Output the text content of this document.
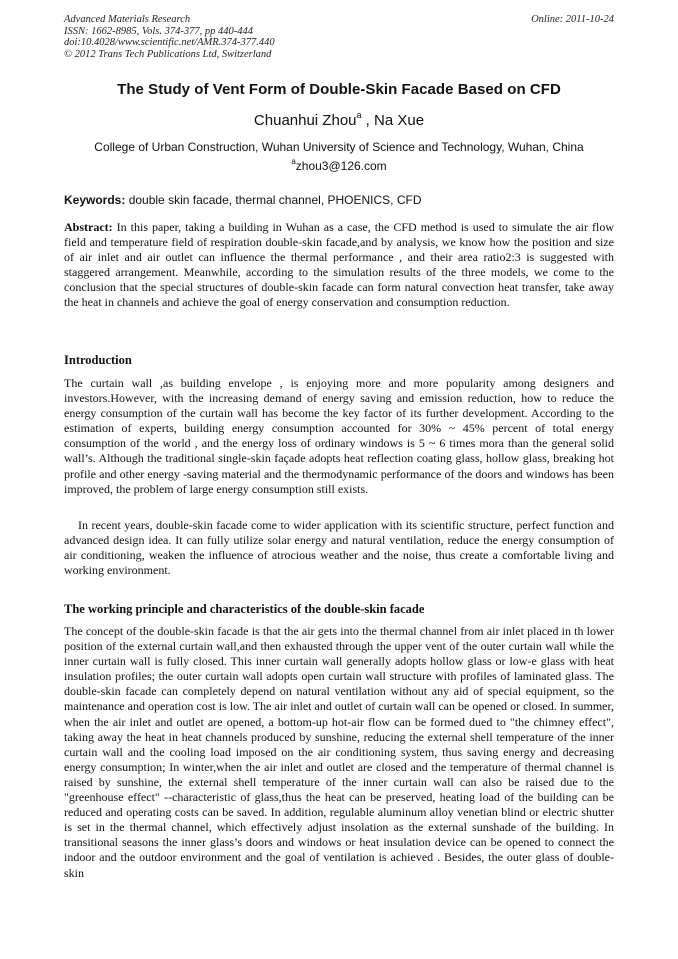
Advanced Materials Research
ISSN: 1662-8985, Vols. 374-377, pp 440-444
doi:10.4028/www.scientific.net/AMR.374-377.440
© 2012 Trans Tech Publications Ltd, Switzerland
Online: 2011-10-24
The Study of Vent Form of Double-Skin Facade Based on CFD
Chuanhui Zhou$^a$ , Na Xue
College of Urban Construction, Wuhan University of Science and Technology, Wuhan, China
$^a$zhou3@126.com
Keywords: double skin facade, thermal channel, PHOENICS, CFD
Abstract: In this paper, taking a building in Wuhan as a case, the CFD method is used to simulate the air flow field and temperature field of respiration double-skin facade,and by analysis, we know how the position and size of air inlet and air outlet can influence the thermal performance , and their area ratio2:3 is suggested with staggered arrangement. Meanwhile, according to the simulation results of the three models, we come to the conclusion that the special structures of double-skin facade can form natural convection heat transfer, take away the heat in channels and achieve the goal of energy conservation and consumption reduction.
Introduction
The curtain wall ,as building envelope , is enjoying more and more popularity among designers and investors.However, with the increasing demand of energy saving and emission reduction, how to reduce the energy consumption of the curtain wall has become the key factor of its further development. According to the estimation of experts, building energy consumption accounted for 30% ~ 45% percent of total energy consumption of the world , and the energy loss of ordinary windows is 5 ~ 6 times mora than the general solid wall’s. Although the traditional single-skin façade adopts heat reflection coating glass, hollow glass, breaking hot profile and other energy -saving material and the thermodynamic performance of the doors and windows has been improved, the problem of large energy consumption still exists.
In recent years, double-skin facade come to wider application with its scientific structure, perfect function and advanced design idea. It can fully utilize solar energy and natural ventilation, reduce the energy consumption of air conditioning, weaken the influence of atrocious weather and the noise, thus create a comfortable living and working environment.
The working principle and characteristics of the double-skin facade
The concept of the double-skin facade is that the air gets into the thermal channel from air inlet placed in th lower position of the external curtain wall,and then exhausted through the upper vent of the outer curtain wall while the inner curtain wall is fully closed. This inner curtain wall generally adopts hollow glass or low-e glass with heat insulation profiles; the outer curtain wall adopts open curtain wall structure with profiles of laminated glass. The double-skin facade can completely depend on natural ventilation without any aid of special equipment, so the maintenance and operation cost is low. The air inlet and outlet of curtain wall can be opened or closed. In summer, when the air inlet and outlet are opened, a bottom-up hot-air flow can be formed dued to "the chimney effect", taking away the heat in heat channels produced by sunshine, reducing the external shell temperature of the inner curtain wall and the cooling load imposed on the air conditioning system, thus saving energy and decreasing energy consumption; In winter,when the air inlet and outlet are closed and the temperature of thermal channel is raised by sunshine, the external shell temperature of the inner curtain wall can also be raised due to the "greenhouse effect" --characteristic of glass,thus the heat can be preserved, heating load of the building can be reduced and operating costs can be saved. In addition, regulable aluminum alloy venetian blind or electric shutter is set in the thermal channel, which effectively adjust insolation as the external sunshade of the building. In transitional seasons the inner glass’s doors and windows or heat insulation device can be opened to connect the indoor and the outdoor environment and the goal of ventilation is achieved . Besides, the outer glass of double-skin
